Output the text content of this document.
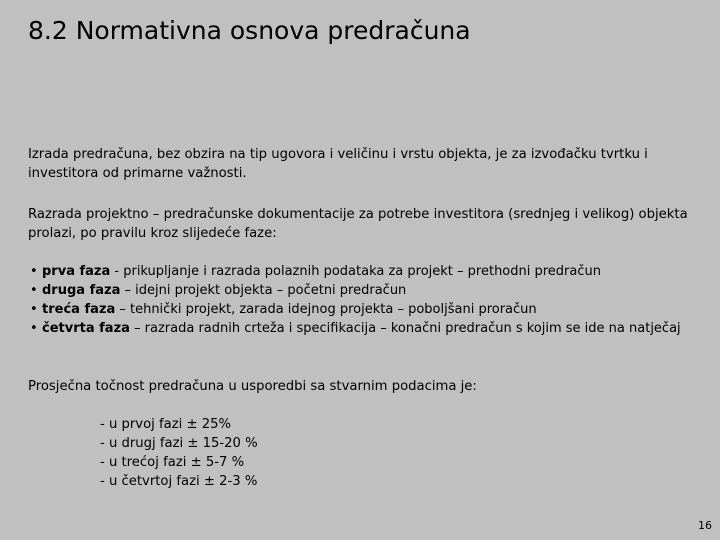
8.2 Normativna osnova predračuna

Izrada predračuna, bez obzira na tip ugovora i veličinu i vrstu objekta, je za izvođačku tvrtku i investitora od primarne važnosti.

Razrada projektno – predračunske dokumentacije za potrebe investitora (srednjeg i velikog) objekta prolazi, po pravilu kroz slijedeće faze:

• prva faza - prikupljanje i razrada polaznih podataka za projekt – prethodni predračun
• druga faza – idejni projekt objekta – početni predračun
• treća faza – tehnički projekt, zarada idejnog projekta – poboljšani proračun
• četvrta faza – razrada radnih crteža i specifikacija – konačni predračun s kojim se ide na natječaj

Prosječna točnost predračuna u usporedbi sa stvarnim podacima je:

- u prvoj fazi ± 25%
- u drugj fazi ± 15-20 %
- u trećoj fazi ± 5-7 %
- u četvrtoj fazi ± 2-3 %
16
